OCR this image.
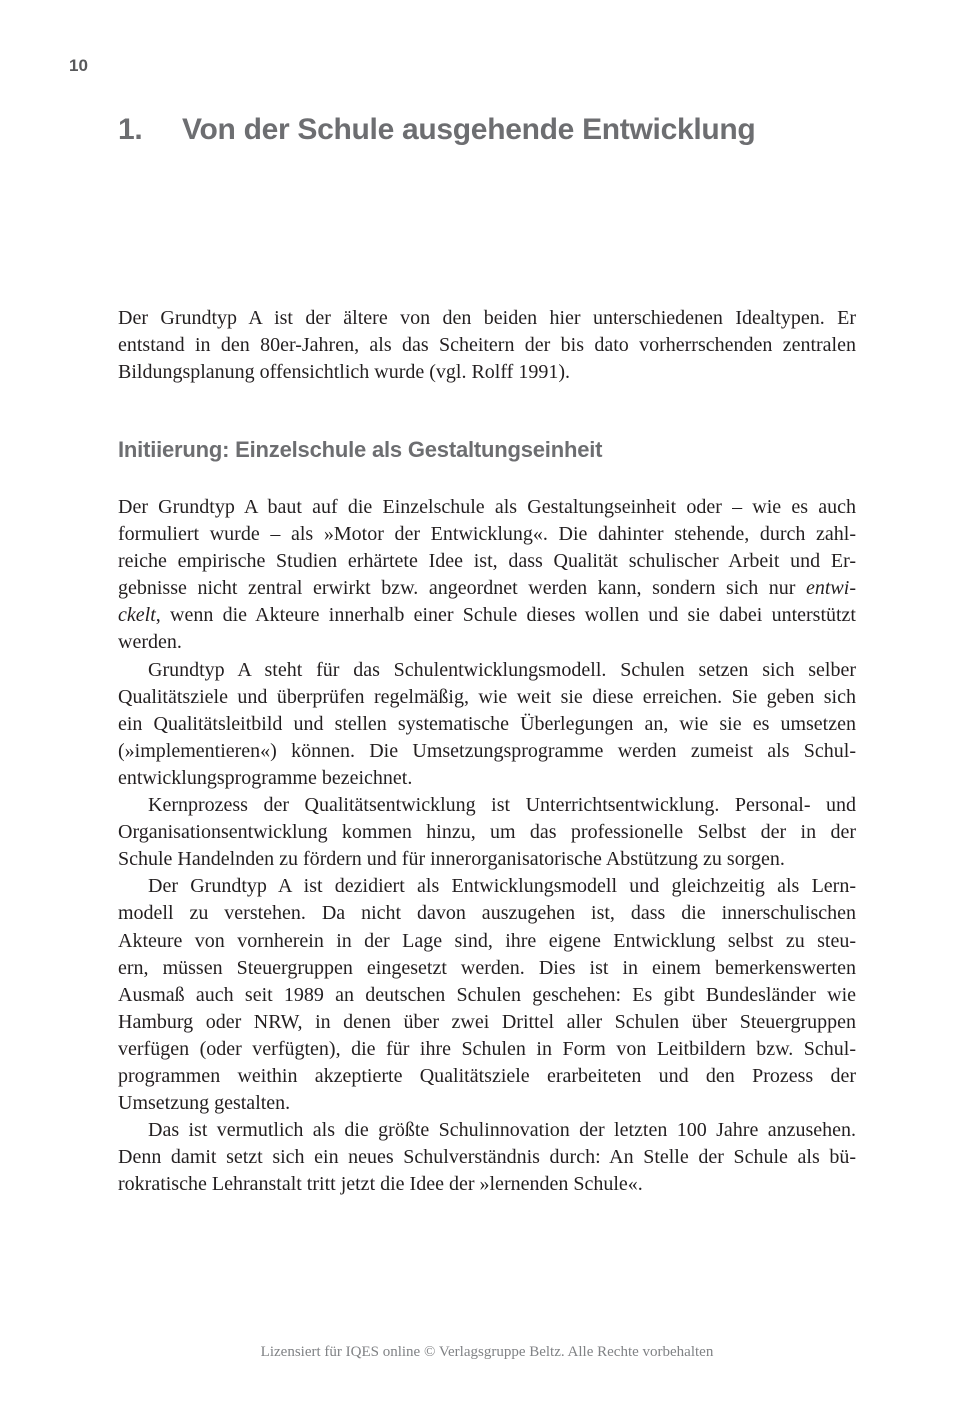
10
1. Von der Schule ausgehende Entwicklung
Der Grundtyp A ist der ältere von den beiden hier unterschiedenen Idealtypen. Er
entstand in den 80er-Jahren, als das Scheitern der bis dato vorherrschenden zentralen
Bildungsplanung offensichtlich wurde (vgl. Rolff 1991).
Initiierung: Einzelschule als Gestaltungseinheit
Der Grundtyp A baut auf die Einzelschule als Gestaltungseinheit oder – wie es auch
formuliert wurde – als »Motor der Entwicklung«. Die dahinter stehende, durch zahl-
reiche empirische Studien erhärtete Idee ist, dass Qualität schulischer Arbeit und Er-
gebnisse nicht zentral erwirkt bzw. angeordnet werden kann, sondern sich nur entwi-
ckelt, wenn die Akteure innerhalb einer Schule dieses wollen und sie dabei unterstützt
werden.
Grundtyp A steht für das Schulentwicklungsmodell. Schulen setzen sich selber
Qualitätsziele und überprüfen regelmäßig, wie weit sie diese erreichen. Sie geben sich
ein Qualitätsleitbild und stellen systematische Überlegungen an, wie sie es umsetzen
(»implementieren«) können. Die Umsetzungsprogramme werden zumeist als Schul-
entwicklungsprogramme bezeichnet.
Kernprozess der Qualitätsentwicklung ist Unterrichtsentwicklung. Personal- und
Organisationsentwicklung kommen hinzu, um das professionelle Selbst der in der
Schule Handelnden zu fördern und für innerorganisatorische Abstützung zu sorgen.
Der Grundtyp A ist dezidiert als Entwicklungsmodell und gleichzeitig als Lern-
modell zu verstehen. Da nicht davon auszugehen ist, dass die innerschulischen
Akteure von vornherein in der Lage sind, ihre eigene Entwicklung selbst zu steu-
ern, müssen Steuergruppen eingesetzt werden. Dies ist in einem bemerkenswerten
Ausmaß auch seit 1989 an deutschen Schulen geschehen: Es gibt Bundesländer wie
Hamburg oder NRW, in denen über zwei Drittel aller Schulen über Steuergruppen
verfügen (oder verfügten), die für ihre Schulen in Form von Leitbildern bzw. Schul-
programmen weithin akzeptierte Qualitätsziele erarbeiteten und den Prozess der
Umsetzung gestalten.
Das ist vermutlich als die größte Schulinnovation der letzten 100 Jahre anzusehen.
Denn damit setzt sich ein neues Schulverständnis durch: An Stelle der Schule als bü-
rokratische Lehranstalt tritt jetzt die Idee der »lernenden Schule«.
Lizensiert für IQES online © Verlagsgruppe Beltz. Alle Rechte vorbehalten
